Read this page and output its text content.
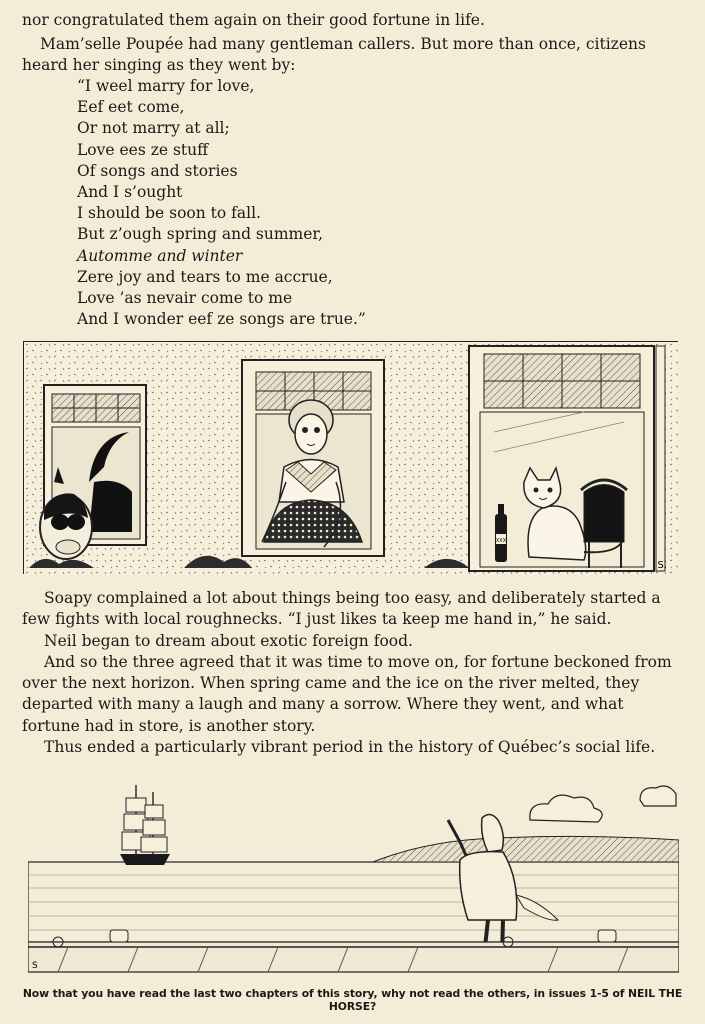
nor congratulated them again on their good fortune in life.
Mam’selle Poupée had many gentleman callers. But more than once, citizens heard her singing as they went by:
“I weel marry for love,
Eef eet come,
Or not marry at all;
Love ees ze stuff
Of songs and stories
And I s’ought
I should be soon to fall.
But z’ough spring and summer,
Automme and winter
Zere joy and tears to me accrue,
Love ’as nevair come to me
And I wonder eef ze songs are true.”
XXX
S.
Soapy complained a lot about things being too easy, and deliberately started a few fights with local roughnecks. “I just likes ta keep me hand in,” he said.
Neil began to dream about exotic foreign food.
And so the three agreed that it was time to move on, for fortune beckoned from over the next horizon. When spring came and the ice on the river melted, they departed with many a laugh and many a sorrow. Where they went, and what fortune had in store, is another story.
Thus ended a particularly vibrant period in the history of Québec’s social life.
S
Now that you have read the last two chapters of this story, why not read the others, in issues 1-5 of NEIL THE HORSE?
